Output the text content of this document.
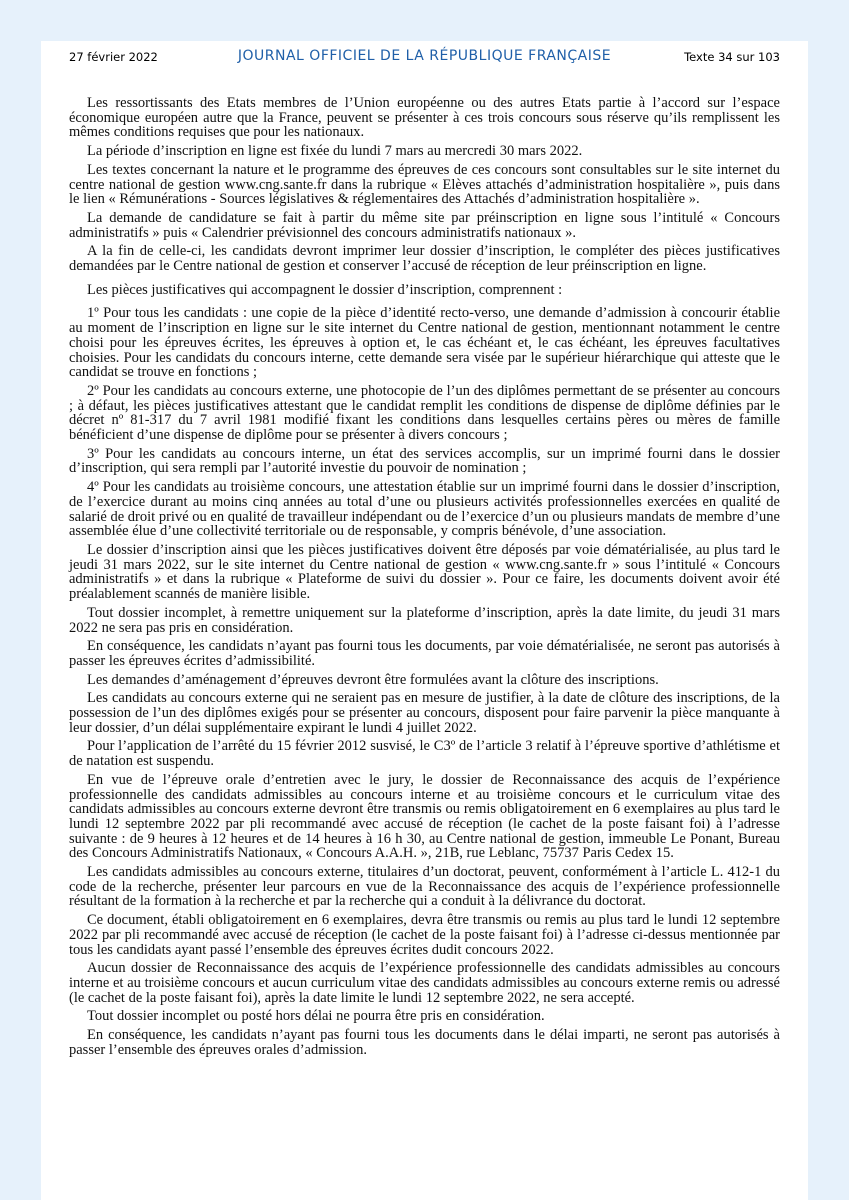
27 février 2022	JOURNAL OFFICIEL DE LA RÉPUBLIQUE FRANÇAISE	Texte 34 sur 103

Les ressortissants des Etats membres de l’Union européenne ou des autres Etats partie à l’accord sur l’espace économique européen autre que la France, peuvent se présenter à ces trois concours sous réserve qu’ils remplissent les mêmes conditions requises que pour les nationaux.

La période d’inscription en ligne est fixée du lundi 7 mars au mercredi 30 mars 2022.

Les textes concernant la nature et le programme des épreuves de ces concours sont consultables sur le site internet du centre national de gestion www.cng.sante.fr dans la rubrique « Elèves attachés d’administration hospitalière », puis dans le lien « Rémunérations - Sources législatives & réglementaires des Attachés d’administration hospitalière ».

La demande de candidature se fait à partir du même site par préinscription en ligne sous l’intitulé « Concours administratifs » puis « Calendrier prévisionnel des concours administratifs nationaux ».

A la fin de celle-ci, les candidats devront imprimer leur dossier d’inscription, le compléter des pièces justificatives demandées par le Centre national de gestion et conserver l’accusé de réception de leur préinscription en ligne.

Les pièces justificatives qui accompagnent le dossier d’inscription, comprennent :

1º Pour tous les candidats : une copie de la pièce d’identité recto-verso, une demande d’admission à concourir établie au moment de l’inscription en ligne sur le site internet du Centre national de gestion, mentionnant notamment le centre choisi pour les épreuves écrites, les épreuves à option et, le cas échéant et, le cas échéant, les épreuves facultatives choisies. Pour les candidats du concours interne, cette demande sera visée par le supérieur hiérarchique qui atteste que le candidat se trouve en fonctions ;

2º Pour les candidats au concours externe, une photocopie de l’un des diplômes permettant de se présenter au concours ; à défaut, les pièces justificatives attestant que le candidat remplit les conditions de dispense de diplôme définies par le décret nº 81-317 du 7 avril 1981 modifié fixant les conditions dans lesquelles certains pères ou mères de famille bénéficient d’une dispense de diplôme pour se présenter à divers concours ;

3º Pour les candidats au concours interne, un état des services accomplis, sur un imprimé fourni dans le dossier d’inscription, qui sera rempli par l’autorité investie du pouvoir de nomination ;

4º Pour les candidats au troisième concours, une attestation établie sur un imprimé fourni dans le dossier d’inscription, de l’exercice durant au moins cinq années au total d’une ou plusieurs activités professionnelles exercées en qualité de salarié de droit privé ou en qualité de travailleur indépendant ou de l’exercice d’un ou plusieurs mandats de membre d’une assemblée élue d’une collectivité territoriale ou de responsable, y compris bénévole, d’une association.

Le dossier d’inscription ainsi que les pièces justificatives doivent être déposés par voie dématérialisée, au plus tard le jeudi 31 mars 2022, sur le site internet du Centre national de gestion « www.cng.sante.fr » sous l’intitulé « Concours administratifs » et dans la rubrique « Plateforme de suivi du dossier ». Pour ce faire, les documents doivent avoir été préalablement scannés de manière lisible.

Tout dossier incomplet, à remettre uniquement sur la plateforme d’inscription, après la date limite, du jeudi 31 mars 2022 ne sera pas pris en considération.

En conséquence, les candidats n’ayant pas fourni tous les documents, par voie dématérialisée, ne seront pas autorisés à passer les épreuves écrites d’admissibilité.

Les demandes d’aménagement d’épreuves devront être formulées avant la clôture des inscriptions.

Les candidats au concours externe qui ne seraient pas en mesure de justifier, à la date de clôture des inscriptions, de la possession de l’un des diplômes exigés pour se présenter au concours, disposent pour faire parvenir la pièce manquante à leur dossier, d’un délai supplémentaire expirant le lundi 4 juillet 2022.

Pour l’application de l’arrêté du 15 février 2012 susvisé, le C3º de l’article 3 relatif à l’épreuve sportive d’athlétisme et de natation est suspendu.

En vue de l’épreuve orale d’entretien avec le jury, le dossier de Reconnaissance des acquis de l’expérience professionnelle des candidats admissibles au concours interne et au troisième concours et le curriculum vitae des candidats admissibles au concours externe devront être transmis ou remis obligatoirement en 6 exemplaires au plus tard le lundi 12 septembre 2022 par pli recommandé avec accusé de réception (le cachet de la poste faisant foi) à l’adresse suivante : de 9 heures à 12 heures et de 14 heures à 16 h 30, au Centre national de gestion, immeuble Le Ponant, Bureau des Concours Administratifs Nationaux, « Concours A.A.H. », 21B, rue Leblanc, 75737 Paris Cedex 15.

Les candidats admissibles au concours externe, titulaires d’un doctorat, peuvent, conformément à l’article L. 412-1 du code de la recherche, présenter leur parcours en vue de la Reconnaissance des acquis de l’expérience professionnelle résultant de la formation à la recherche et par la recherche qui a conduit à la délivrance du doctorat.

Ce document, établi obligatoirement en 6 exemplaires, devra être transmis ou remis au plus tard le lundi 12 septembre 2022 par pli recommandé avec accusé de réception (le cachet de la poste faisant foi) à l’adresse ci-dessus mentionnée par tous les candidats ayant passé l’ensemble des épreuves écrites dudit concours 2022.

Aucun dossier de Reconnaissance des acquis de l’expérience professionnelle des candidats admissibles au concours interne et au troisième concours et aucun curriculum vitae des candidats admissibles au concours externe remis ou adressé (le cachet de la poste faisant foi), après la date limite le lundi 12 septembre 2022, ne sera accepté.

Tout dossier incomplet ou posté hors délai ne pourra être pris en considération.

En conséquence, les candidats n’ayant pas fourni tous les documents dans le délai imparti, ne seront pas autorisés à passer l’ensemble des épreuves orales d’admission.
